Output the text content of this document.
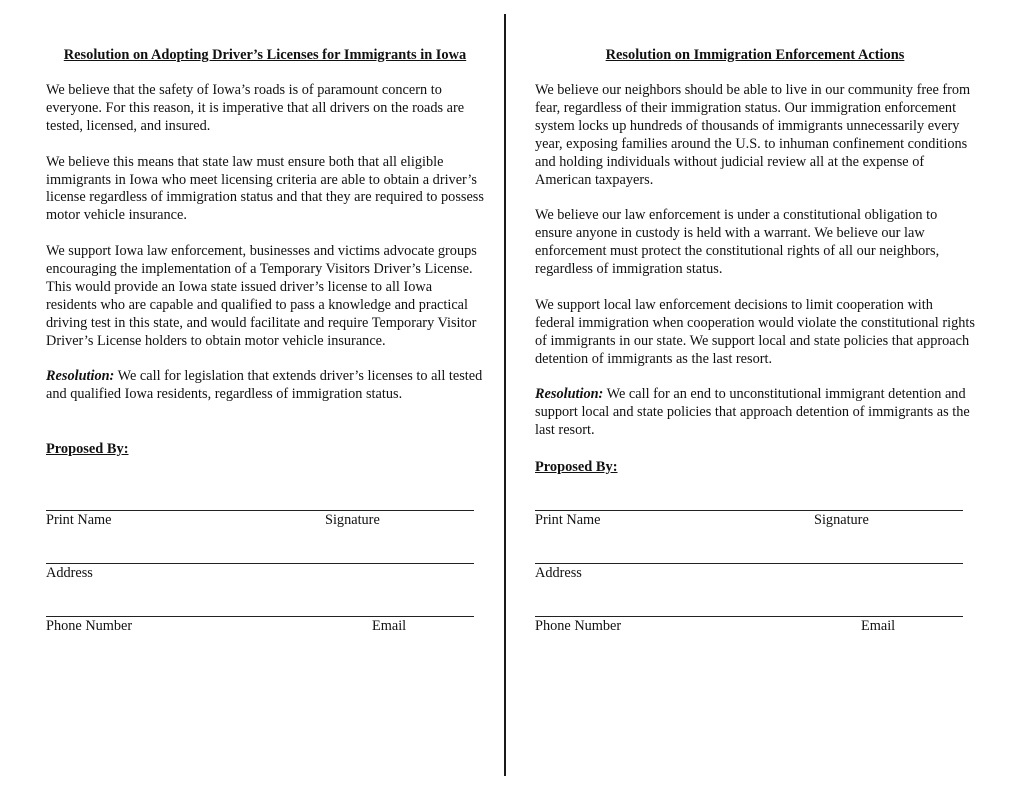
Resolution on Adopting Driver’s Licenses for Immigrants in Iowa

We believe that the safety of Iowa’s roads is of paramount concern to everyone. For this reason, it is imperative that all drivers on the roads are tested, licensed, and insured.

We believe this means that state law must ensure both that all eligible immigrants in Iowa who meet licensing criteria are able to obtain a driver’s license regardless of immigration status and that they are required to possess motor vehicle insurance.

We support Iowa law enforcement, businesses and victims advocate groups encouraging the implementation of a Temporary Visitors Driver’s License. This would provide an Iowa state issued driver’s license to all Iowa residents who are capable and qualified to pass a knowledge and practical driving test in this state, and would facilitate and require Temporary Visitor Driver’s License holders to obtain motor vehicle insurance.

Resolution: We call for legislation that extends driver’s licenses to all tested and qualified Iowa residents, regardless of immigration status.

Proposed By:
Print Name	Signature
Address
Phone Number	Email
Resolution on Immigration Enforcement Actions

We believe our neighbors should be able to live in our community free from fear, regardless of their immigration status. Our immigration enforcement system locks up hundreds of thousands of immigrants unnecessarily every year, exposing families around the U.S. to inhuman confinement conditions and holding individuals without judicial review all at the expense of American taxpayers.

We believe our law enforcement is under a constitutional obligation to ensure anyone in custody is held with a warrant. We believe our law enforcement must protect the constitutional rights of all our neighbors, regardless of immigration status.

We support local law enforcement decisions to limit cooperation with federal immigration when cooperation would violate the constitutional rights of immigrants in our state. We support local and state policies that approach detention of immigrants as the last resort.

Resolution: We call for an end to unconstitutional immigrant detention and support local and state policies that approach detention of immigrants as the last resort.

Proposed By:
Print Name	Signature
Address
Phone Number	Email
